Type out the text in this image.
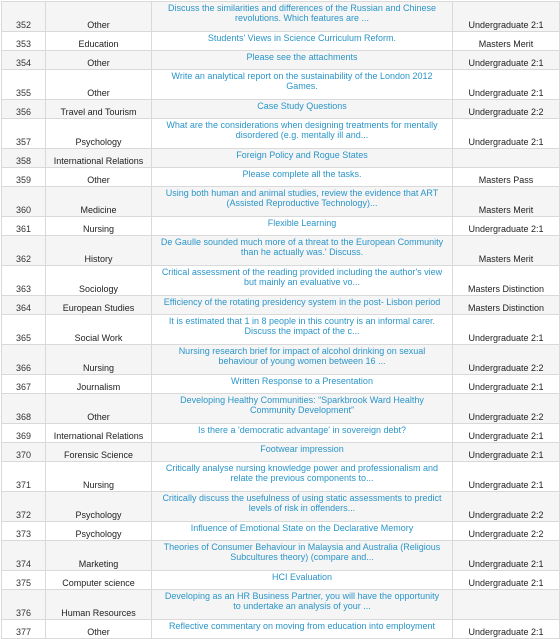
352	Other	Discuss the similarities and differences of the Russian and Chinese
revolutions. Which features are ...	Undergraduate 2:1
353	Education	Students' Views in Science Curriculum Reform.	Masters Merit
354	Other	Please see the attachments	Undergraduate 2:1
355	Other	Write an analytical report on the sustainability of the London 2012
Games.	Undergraduate 2:1
356	Travel and Tourism	Case Study Questions	Undergraduate 2:2
357	Psychology	What are the considerations when designing treatments for mentally
disordered (e.g. mentally ill and...	Undergraduate 2:1
358	International Relations	Foreign Policy and Rogue States	

359	Other	Please complete all the tasks.	Masters Pass
360	Medicine	Using both human and animal studies, review the evidence that ART
(Assisted Reproductive Technology)...	Masters Merit
361	Nursing	Flexible Learning	Undergraduate 2:1
362	History	De Gaulle sounded much more of a threat to the European Community
than he actually was.' Discuss.	Masters Merit
363	Sociology	Critical assessment of the reading provided including the author's view
but mainly an evaluative vo...	Masters Distinction
364	European Studies	Efficiency of the rotating presidency system in the post- Lisbon period	Masters Distinction
365	Social Work	It is estimated that 1 in 8 people in this country is an informal carer.
Discuss the impact of the c...	Undergraduate 2:1
366	Nursing	Nursing research brief for impact of alcohol drinking on sexual
behaviour of young women between 16 ...	Undergraduate 2:2
367	Journalism	Written Response to a Presentation	Undergraduate 2:1
368	Other	Developing Healthy Communities: “Sparkbrook Ward Healthy
Community Development”	Undergraduate 2:2
369	International Relations	Is there a 'democratic advantage' in sovereign debt?	Undergraduate 2:1
370	Forensic Science	Footwear impression	Undergraduate 2:1
371	Nursing	Critically analyse nursing knowledge power and professionalism and
relate the previous components to...	Undergraduate 2:1
372	Psychology	Critically discuss the usefulness of using static assessments to predict
levels of risk in offenders...	Undergraduate 2:2
373	Psychology	Influence of Emotional State on the Declarative Memory	Undergraduate 2:2
374	Marketing	Theories of Consumer Behaviour in Malaysia and Australia (Religious
Subcultures theory) (compare and...	Undergraduate 2:1
375	Computer science	HCI Evaluation	Undergraduate 2:1
376	Human Resources	Developing as an HR Business Partner, you will have the opportunity
to undertake an analysis of your ...	

377	Other	Reflective commentary on moving from education into employment	Undergraduate 2:1
